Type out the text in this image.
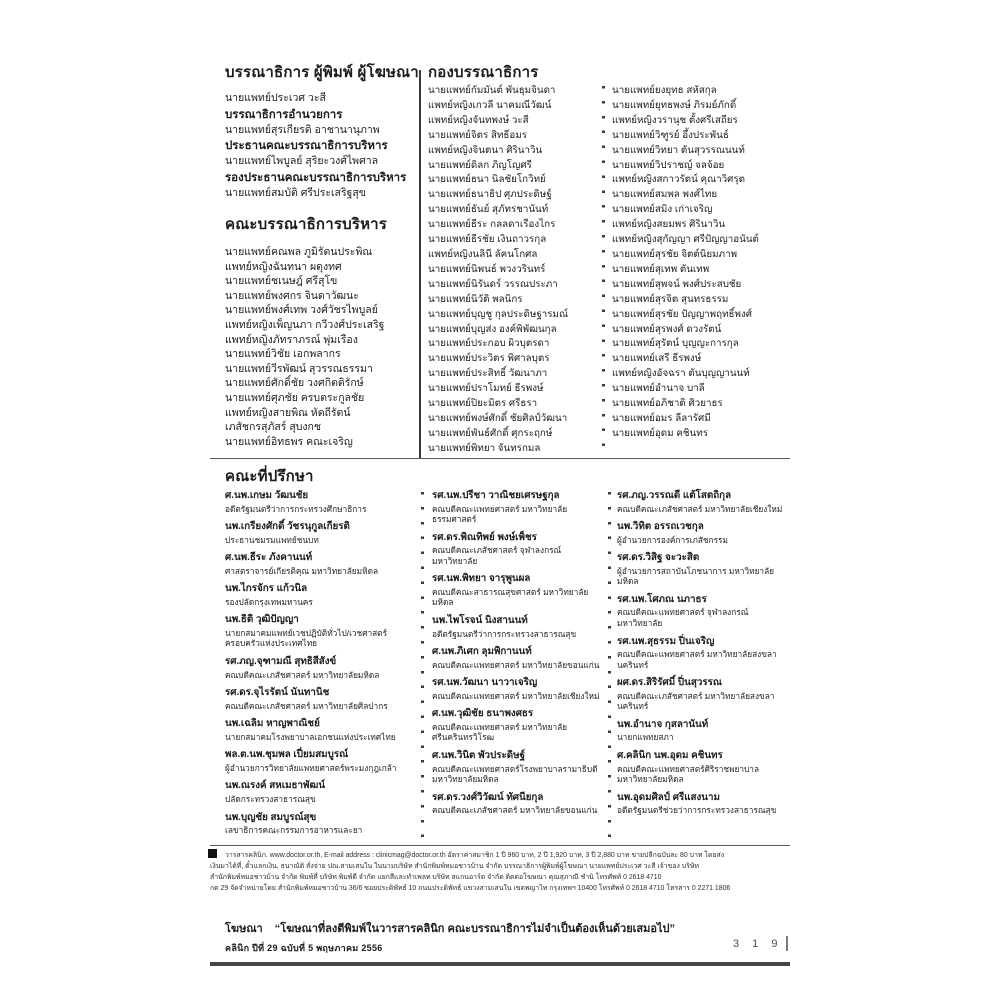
บรรณาธิการ ผู้พิมพ์ ผู้โฆษณา
นายแพทย์ประเวศ วะสี
บรรณาธิการอำนวยการ
นายแพทย์สุรเกียรติ อาชานานุภาพ
ประธานคณะบรรณาธิการบริหาร
นายแพทย์ไพบูลย์ สุริยะวงศ์ไพศาล
รองประธานคณะบรรณาธิการบริหาร
นายแพทย์สมบัติ ศรีประเสริฐสุข
คณะบรรณาธิการบริหาร
นายแพทย์คณพล ภูมิรัตนประพิณ
แพทย์หญิงฉันทนา ผดุงทศ
นายแพทย์ชเนษฎ์ ศรีสุโข
นายแพทย์พงศกร จินดาวัฒนะ
นายแพทย์พงศ์เทพ วงศ์วัชรไพบูลย์
แพทย์หญิงเพ็ญนภา กวีวงศ์ประเสริฐ
แพทย์หญิงภัทราภรณ์ พุ่มเรือง
นายแพทย์วิชัย เอกพลากร
นายแพทย์วีรพัฒน์ สุวรรณธรรมา
นายแพทย์ศักดิ์ชัย วงศกิตติรักษ์
นายแพทย์ศุภชัย ครบตระกูลชัย
แพทย์หญิงสายพิณ หัตถีรัตน์
เภสัชกรสุภัสร์ สุบงกช
นายแพทย์อิทธพร คณะเจริญ
กองบรรณาธิการ
นายแพทย์กัมมันต์ พันธุมจินดา
แพทย์หญิงเกวลี นาคมณีวัฒน์
แพทย์หญิงจันทพงษ์ วะสี
นายแพทย์จิตร สิทธีอมร
แพทย์หญิงจินตนา ศิรินาวิน
นายแพทย์ดิลก ภิญโญศรี
นายแพทย์ธนา นิลชัยโกวิทย์
นายแพทย์ธนาธิป ศุภประดิษฐ์
นายแพทย์ธันย์ สุภัทรชานันท์
นายแพทย์ธีระ กลลดาเรืองไกร
นายแพทย์ธีรชัย เงินถาวรกุล
แพทย์หญิงนลินี ลัคนโกศล
นายแพทย์นิพนธ์ พวงวรินทร์
นายแพทย์นิรันดร์ วรรณประภา
นายแพทย์นิวัติ พลนิกร
นายแพทย์บุญชู กุลประดิษฐารมณ์
นายแพทย์บุญส่ง องค์พิพัฒนกุล
นายแพทย์ประกอบ ผิวบุตรดา
นายแพทย์ประวิตร พิศาลบุตร
นายแพทย์ประสิทธิ์ วัฒนาภา
นายแพทย์ปราโมทย์ ธีรพงษ์
นายแพทย์ปิยะมิตร ศรีธรา
นายแพทย์พงษ์ศักดิ์ ชัยศิลป์วัฒนา
นายแพทย์พันธ์ศักดิ์ ศุกระฤกษ์
นายแพทย์พิทยา จันทรกมล
นายแพทย์ยงยุทธ สหัสกุล
นายแพทย์ยุทธพงษ์ ภิรมย์ภักดิ์
แพทย์หญิงวรานุช ตั้งศรีเสถียร
นายแพทย์วิฑูรย์ อึ้งประพันธ์
นายแพทย์วิทยา ตันสุวรรณนนท์
นายแพทย์วิปราชญ์ จลจ้อย
แพทย์หญิงสกาวรัตน์ คุณาวิศรุต
นายแพทย์สมพล พงศ์ไทย
นายแพทย์สมิง เก่าเจริญ
แพทย์หญิงสยมพร ศิรินาวิน
แพทย์หญิงสุกัญญา ศรีปัญญาอนันต์
นายแพทย์สุรชัย จิตต์นิยมภาพ
นายแพทย์สุเทพ ตันเทพ
นายแพทย์สุพจน์ พงศ์ประสบชัย
นายแพทย์สุรจิต สุนทรธรรม
นายแพทย์สุรชัย ปัญญาพฤทธิ์พงศ์
นายแพทย์สุรพงศ์ ดวงรัตน์
นายแพทย์สุรัตน์ บุญญะการกุล
นายแพทย์เสรี ธีรพงษ์
แพทย์หญิงอัจฉรา ตันบุญญานนท์
นายแพทย์อำนาจ บาลี
นายแพทย์อภิชาติ ศิวยาธร
นายแพทย์อมร ลีลารัศมี
นายแพทย์อุดม คชินทร
คณะที่ปรึกษา
ศ.นพ.เกษม วัฒนชัย
อดีตรัฐมนตรีว่าการกระทรวงศึกษาธิการ
นพ.เกรียงศักดิ์ วัชรนุกูลเกียรติ
ประธานชมรมแพทย์ชนบท
ศ.นพ.ธีระ ภังคานนท์
ศาสตราจารย์เกียรติคุณ มหาวิทยาลัยมหิดล
นพ.ไกรจักร แก้วนิล
รองปลัดกรุงเทพมหานคร
นพ.ธิติ วุฒิปัญญา
นายกสมาคมแพทย์เวชปฏิบัติทั่วไป/เวชศาสตร์ครอบครัวแห่งประเทศไทย
รศ.ภญ.จุฑามณี สุทธิสีสังข์
คณบดีคณะเภสัชศาสตร์ มหาวิทยาลัยมหิดล
รศ.ดร.จุไรรัตน์ นันทานิช
คณบดีคณะเภสัชศาสตร์ มหาวิทยาลัยศิลปากร
นพ.เฉลิม หาญพาณิชย์
นายกสมาคมโรงพยาบาลเอกชนแห่งประเทศไทย
พล.ต.นพ.ชุมพล เปี่ยมสมบูรณ์
ผู้อำนวยการวิทยาลัยแพทยศาสตร์พระมงกุฎเกล้า
นพ.ณรงค์ สหเมธาพัฒน์
ปลัดกระทรวงสาธารณสุข
นพ.บุญชัย สมบูรณ์สุข
เลขาธิการคณะกรรมการอาหารและยา
รศ.นพ.ปรีชา วาณิชยเศรษฐกุล
คณบดีคณะแพทยศาสตร์ มหาวิทยาลัยธรรมศาสตร์
รศ.ดร.พิณทิพย์ พงษ์เพ็ชร
คณบดีคณะเภสัชศาสตร์ จุฬาลงกรณ์มหาวิทยาลัย
รศ.นพ.พิทยา จารุพูนผล
คณบดีคณะสาธารณสุขศาสตร์ มหาวิทยาลัยมหิดล
นพ.ไพโรจน์ นิงสานนท์
อดีตรัฐมนตรีว่าการกระทรวงสาธารณสุข
ศ.นพ.ภิเศก ลุมพิกานนท์
คณบดีคณะแพทยศาสตร์ มหาวิทยาลัยขอนแก่น
รศ.นพ.วัฒนา นาวาเจริญ
คณบดีคณะแพทยศาสตร์ มหาวิทยาลัยเชียงใหม่
ศ.นพ.วุฒิชัย ธนาพงศธร
คณบดีคณะแพทยศาสตร์ มหาวิทยาลัยศรีนครินทรวิโรฒ
ศ.นพ.วินิต พัวประดิษฐ์
คณบดีคณะแพทยศาสตร์โรงพยาบาลรามาธิบดี มหาวิทยาลัยมหิดล
รศ.ดร.วงศ์วิวัฒน์ ทัศนียกุล
คณบดีคณะเภสัชศาสตร์ มหาวิทยาลัยขอนแก่น
รศ.ภญ.วรรณดี แต้โสตถิกุล
คณบดีคณะเภสัชศาสตร์ มหาวิทยาลัยเชียงใหม่
นพ.วิทิต อรรถเวชกุล
ผู้อำนวยการองค์การเภสัชกรรม
รศ.ดร.วิสิฐ จะวะสิต
ผู้อำนวยการสถาบันโภชนาการ มหาวิทยาลัยมหิดล
รศ.นพ.โศภณ นภาธร
คณบดีคณะแพทยศาสตร์ จุฬาลงกรณ์มหาวิทยาลัย
รศ.นพ.สุธรรม ปิ่นเจริญ
คณบดีคณะแพทยศาสตร์ มหาวิทยาลัยสงขลานครินทร์
ผศ.ดร.สิริรัศมิ์ ปิ่นสุวรรณ
คณบดีคณะเภสัชศาสตร์ มหาวิทยาลัยสงขลานครินทร์
นพ.อำนาจ กุสลานันท์
นายกแพทยสภา
ศ.คลินิก นพ.อุดม คชินทร
คณบดีคณะแพทยศาสตร์ศิริราชพยาบาล มหาวิทยาลัยมหิดล
นพ.อุดมศิลป์ ศรีแสงนาม
อดีตรัฐมนตรีช่วยว่าการกระทรวงสาธารณสุข
วารสารคลินิก. www.doctor.or.th, E-mail address : clinicmag@doctor.or.th อัตราค่าสมาชิก 1 ปี 960 บาท, 2 ปี 1,920 บาท, 3 ปี 2,880 บาท ขายปลีกฉบับละ 80 บาท โดยส่ง
เงินมาได้ที่, ตั๋วแลกเงิน, ธนาณัติ สั่งจ่าย ปณ.สามเสนใน ในนามบริษัท สำนักพิมพ์หมอชาวบ้าน จำกัด บรรณาธิการผู้พิมพ์ผู้โฆษณา นายแพทย์ประเวศ วะสี เจ้าของ บริษัท
สำนักพิมพ์หมอชาวบ้าน จำกัด พิมพ์ที่ บริษัท พิมพ์ดี จำกัด แยกสีและทำเพลท บริษัท สแกนอาร์ต จำกัด ติดต่อโฆษณา คุณสุภาณี ชำนิ โทรศัพท์ 0 2618 4710
กด 29 จัดจำหน่ายโดย สำนักพิมพ์หมอชาวบ้าน 36/6 ซอยประดิพัทธ์ 10 ถนนประดิพัทธ์ แขวงสามเสนใน เขตพญาไท กรุงเทพฯ 10400 โทรศัพท์ 0 2618 4710 โทรสาร 0 2271 1806
โฆษณา “โฆษณาที่ลงตีพิมพ์ในวารสารคลินิก คณะบรรณาธิการไม่จำเป็นต้องเห็นด้วยเสมอไป”
คลินิก ปีที่ 29 ฉบับที่ 5 พฤษภาคม 2556	3 1 9
